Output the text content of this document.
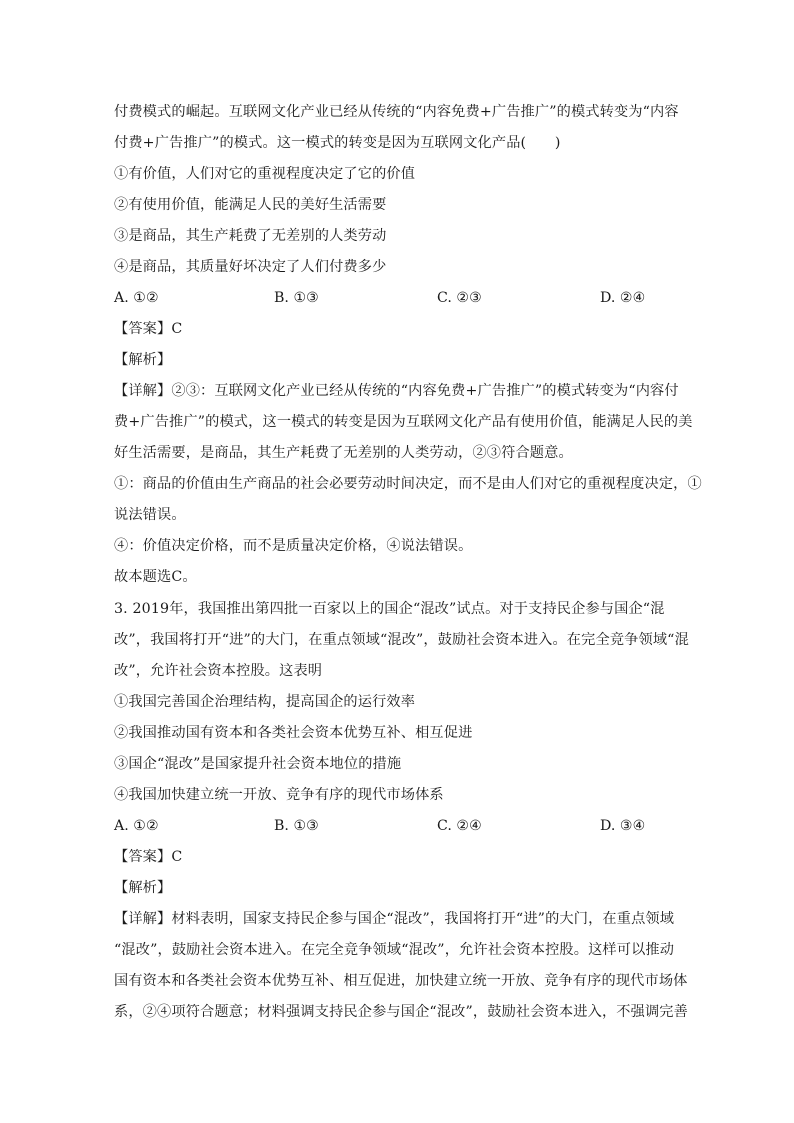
付费模式的崛起。互联网文化产业已经从传统的“内容免费+广告推广”的模式转变为“内容
付费+广告推广”的模式。这一模式的转变是因为互联网文化产品(　　)
①有价值，人们对它的重视程度决定了它的价值
②有使用价值，能满足人民的美好生活需要
③是商品，其生产耗费了无差别的人类劳动
④是商品，其质量好坏决定了人们付费多少
A. ①②	B. ①③	C. ②③	D. ②④
【答案】C
【解析】
【详解】②③：互联网文化产业已经从传统的“内容免费+广告推广”的模式转变为“内容付
费+广告推广”的模式，这一模式的转变是因为互联网文化产品有使用价值，能满足人民的美
好生活需要，是商品，其生产耗费了无差别的人类劳动，②③符合题意。
①：商品的价值由生产商品的社会必要劳动时间决定，而不是由人们对它的重视程度决定，①
说法错误。
④：价值决定价格，而不是质量决定价格，④说法错误。
故本题选C。
3. 2019年，我国推出第四批一百家以上的国企“混改”试点。对于支持民企参与国企“混
改”，我国将打开“进”的大门，在重点领域“混改”，鼓励社会资本进入。在完全竞争领域“混
改”，允许社会资本控股。这表明
①我国完善国企治理结构，提高国企的运行效率
②我国推动国有资本和各类社会资本优势互补、相互促进
③国企“混改”是国家提升社会资本地位的措施
④我国加快建立统一开放、竞争有序的现代市场体系
A. ①②	B. ①③	C. ②④	D. ③④
【答案】C
【解析】
【详解】材料表明，国家支持民企参与国企“混改”，我国将打开“进”的大门，在重点领域
“混改”，鼓励社会资本进入。在完全竞争领域“混改”，允许社会资本控股。这样可以推动
国有资本和各类社会资本优势互补、相互促进，加快建立统一开放、竞争有序的现代市场体
系，②④项符合题意；材料强调支持民企参与国企“混改”，鼓励社会资本进入，不强调完善
